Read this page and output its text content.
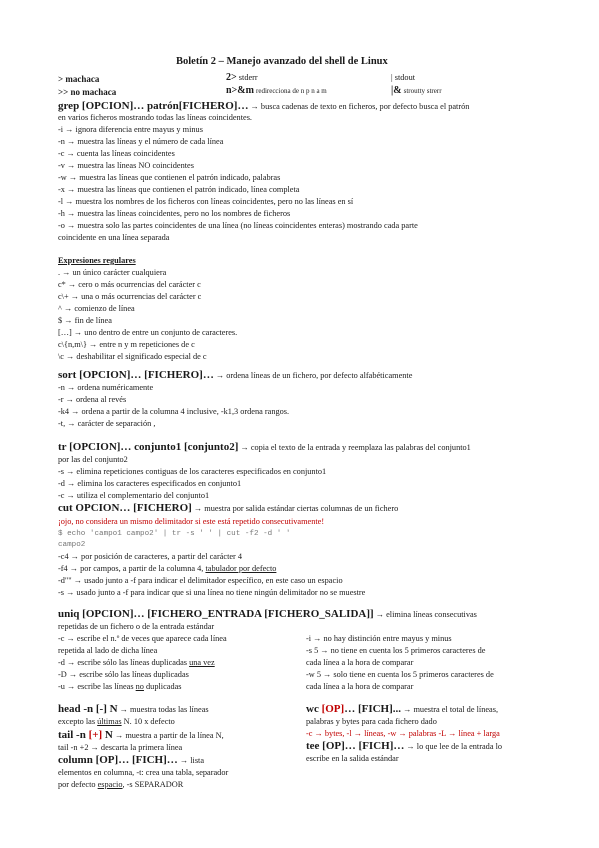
Boletín 2 – Manejo avanzado del shell de Linux
> machaca
>> no machaca
2> stderr
n>&m redirecciona de n p n a m
| stdout
|& stroutty strerr
grep [OPCION]… patrón[FICHERO]… → busca cadenas de texto en ficheros, por defecto busca el patrón
en varios ficheros mostrando todas las líneas coincidentes.
-i → ignora diferencia entre mayus y minus
-n → muestra las líneas y el número de cada línea
-c → cuenta las líneas coincidentes
-v → muestra las líneas NO coincidentes
-w → muestra las líneas que contienen el patrón indicado, palabras
-x → muestra las líneas que contienen el patrón indicado, línea completa
-l → muestra los nombres de los ficheros con líneas coincidentes, pero no las líneas en sí
-h → muestra las líneas coincidentes, pero no los nombres de ficheros
-o → muestra solo las partes coincidentes de una línea (no líneas coincidentes enteras) mostrando cada parte
coincidente en una línea separada
Expresiones regulares
. → un único carácter cualquiera
c* → cero o más ocurrencias del carácter c
c\+ → una o más ocurrencias del carácter c
^ → comienzo de línea
$ → fin de línea
[…] → uno dentro de entre un conjunto de caracteres.
c\{n,m\} → entre n y m repeticiones de c
\c → deshabilitar el significado especial de c
sort [OPCION]… [FICHERO]… → ordena líneas de un fichero, por defecto alfabéticamente
-n → ordena numéricamente
-r → ordena al revés
-k4 → ordena a partir de la columna 4 inclusive, -k1,3 ordena rangos.
-t, → carácter de separación ,
tr [OPCION]… conjunto1 [conjunto2] → copia el texto de la entrada y reemplaza las palabras del conjunto1
por las del conjunto2
-s → elimina repeticiones contiguas de los caracteres especificados en conjunto1
-d → elimina los caracteres especificados en conjunto1
-c → utiliza el complementario del conjunto1
cut OPCION… [FICHERO] → muestra por salida estándar ciertas columnas de un fichero
¡ojo, no considera un mismo delimitador si este está repetido consecutivamente!
$ echo 'campo1 campo2' | tr -s ' ' | cut -f2 -d ' '
campo2
-c4 → por posición de caracteres, a partir del carácter 4
-f4 → por campos, a partir de la columna 4, tabulador por defecto
-d"" → usado junto a -f para indicar el delimitador específico, en este caso un espacio
-s → usado junto a -f para indicar que si una línea no tiene ningún delimitador no se muestre
uniq [OPCION]… [FICHERO_ENTRADA [FICHERO_SALIDA]] → elimina líneas consecutivas
repetidas de un fichero o de la entrada estándar
-c → escribe el n.º de veces que aparece cada línea
repetida al lado de dicha línea
-d → escribe sólo las líneas duplicadas una vez
-D → escribe sólo las líneas duplicadas
-u → escribe las líneas no duplicadas
-i → no hay distinción entre mayus y minus
-s 5 → no tiene en cuenta los 5 primeros caracteres de
cada línea a la hora de comparar
-w 5 → solo tiene en cuenta los 5 primeros caracteres de
cada línea a la hora de comparar
head -n [-] N → muestra todas las líneas
excepto las últimas N. 10 x defecto
tail -n [+] N → muestra a partir de la línea N,
tail -n +2 → descarta la primera línea
column [OP]… [FICH]… → lista
elementos en columna, -t: crea una tabla, separador
por defecto espacio, -s SEPARADOR
wc [OP]… [FICH]... → muestra el total de líneas,
palabras y bytes para cada fichero dado
-c → bytes, -l → líneas, -w → palabras -L → línea + larga
tee [OP]… [FICH]… → lo que lee de la entrada lo
escribe en la salida estándar
